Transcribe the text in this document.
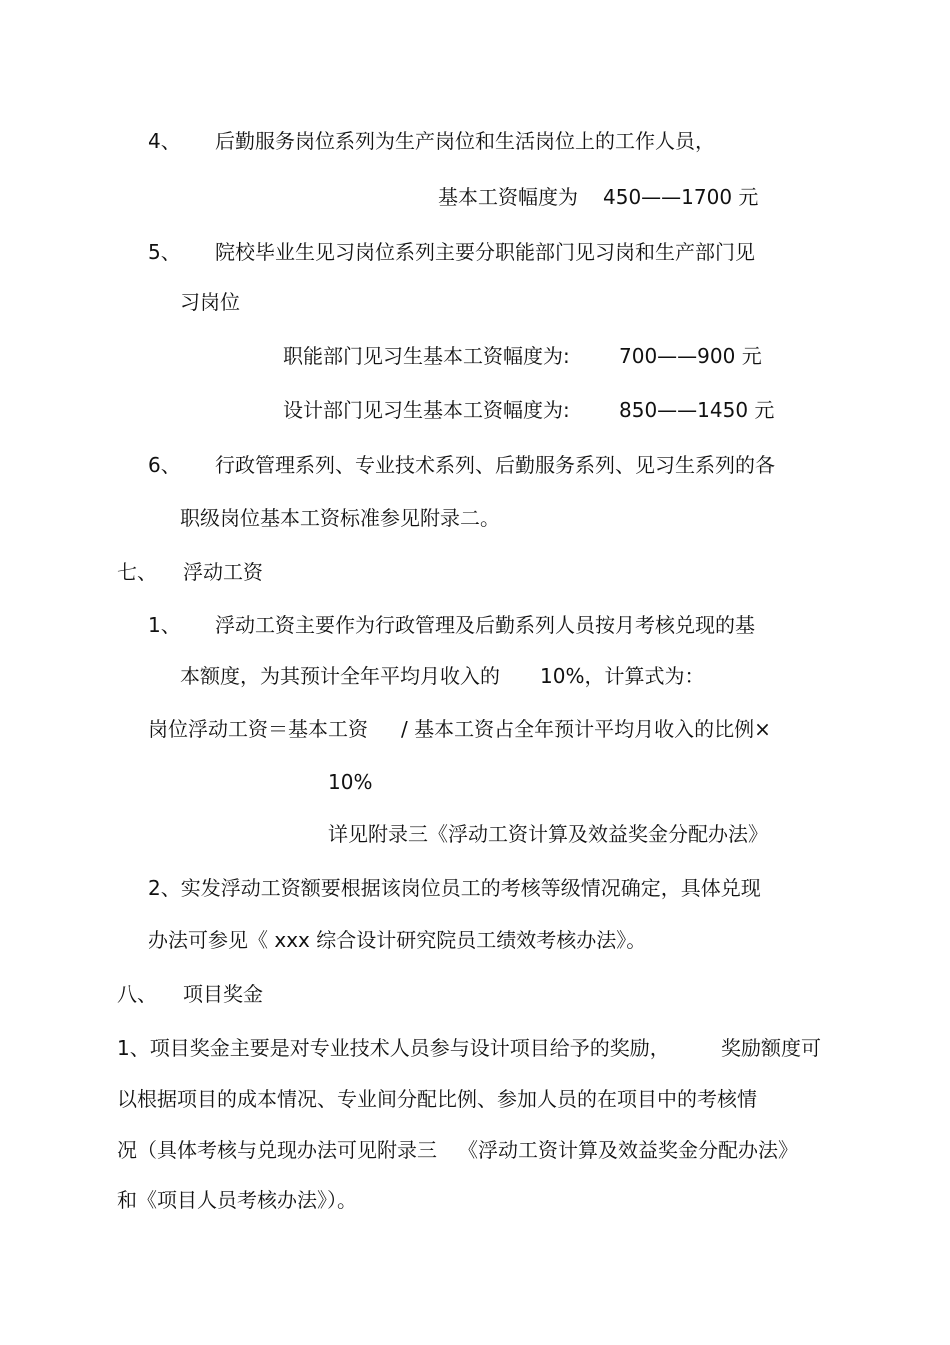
4、 后勤服务岗位系列为生产岗位和生活岗位上的工作人员，
基本工资幅度为 450——1700 元
5、 院校毕业生见习岗位系列主要分职能部门见习岗和生产部门见
习岗位
职能部门见习生基本工资幅度为: 700——900 元
设计部门见习生基本工资幅度为: 850——1450 元
6、 行政管理系列、专业技术系列、后勤服务系列、见习生系列的各
职级岗位基本工资标准参见附录二。
七、 浮动工资
1、 浮动工资主要作为行政管理及后勤系列人员按月考核兑现的基
本额度，为其预计全年平均月收入的 10%，计算式为：
岗位浮动工资＝基本工资 / 基本工资占全年预计平均月收入的比例×
10%
详见附录三《浮动工资计算及效益奖金分配办法》
2、实发浮动工资额要根据该岗位员工的考核等级情况确定，具体兑现
办法可参见《 xxx 综合设计研究院员工绩效考核办法》。
八、 项目奖金
1、项目奖金主要是对专业技术人员参与设计项目给予的奖励，	奖励额度可
以根据项目的成本情况、专业间分配比例、参加人员的在项目中的考核情
况（具体考核与兑现办法可见附录三 《浮动工资计算及效益奖金分配办法》
和《项目人员考核办法》）。
